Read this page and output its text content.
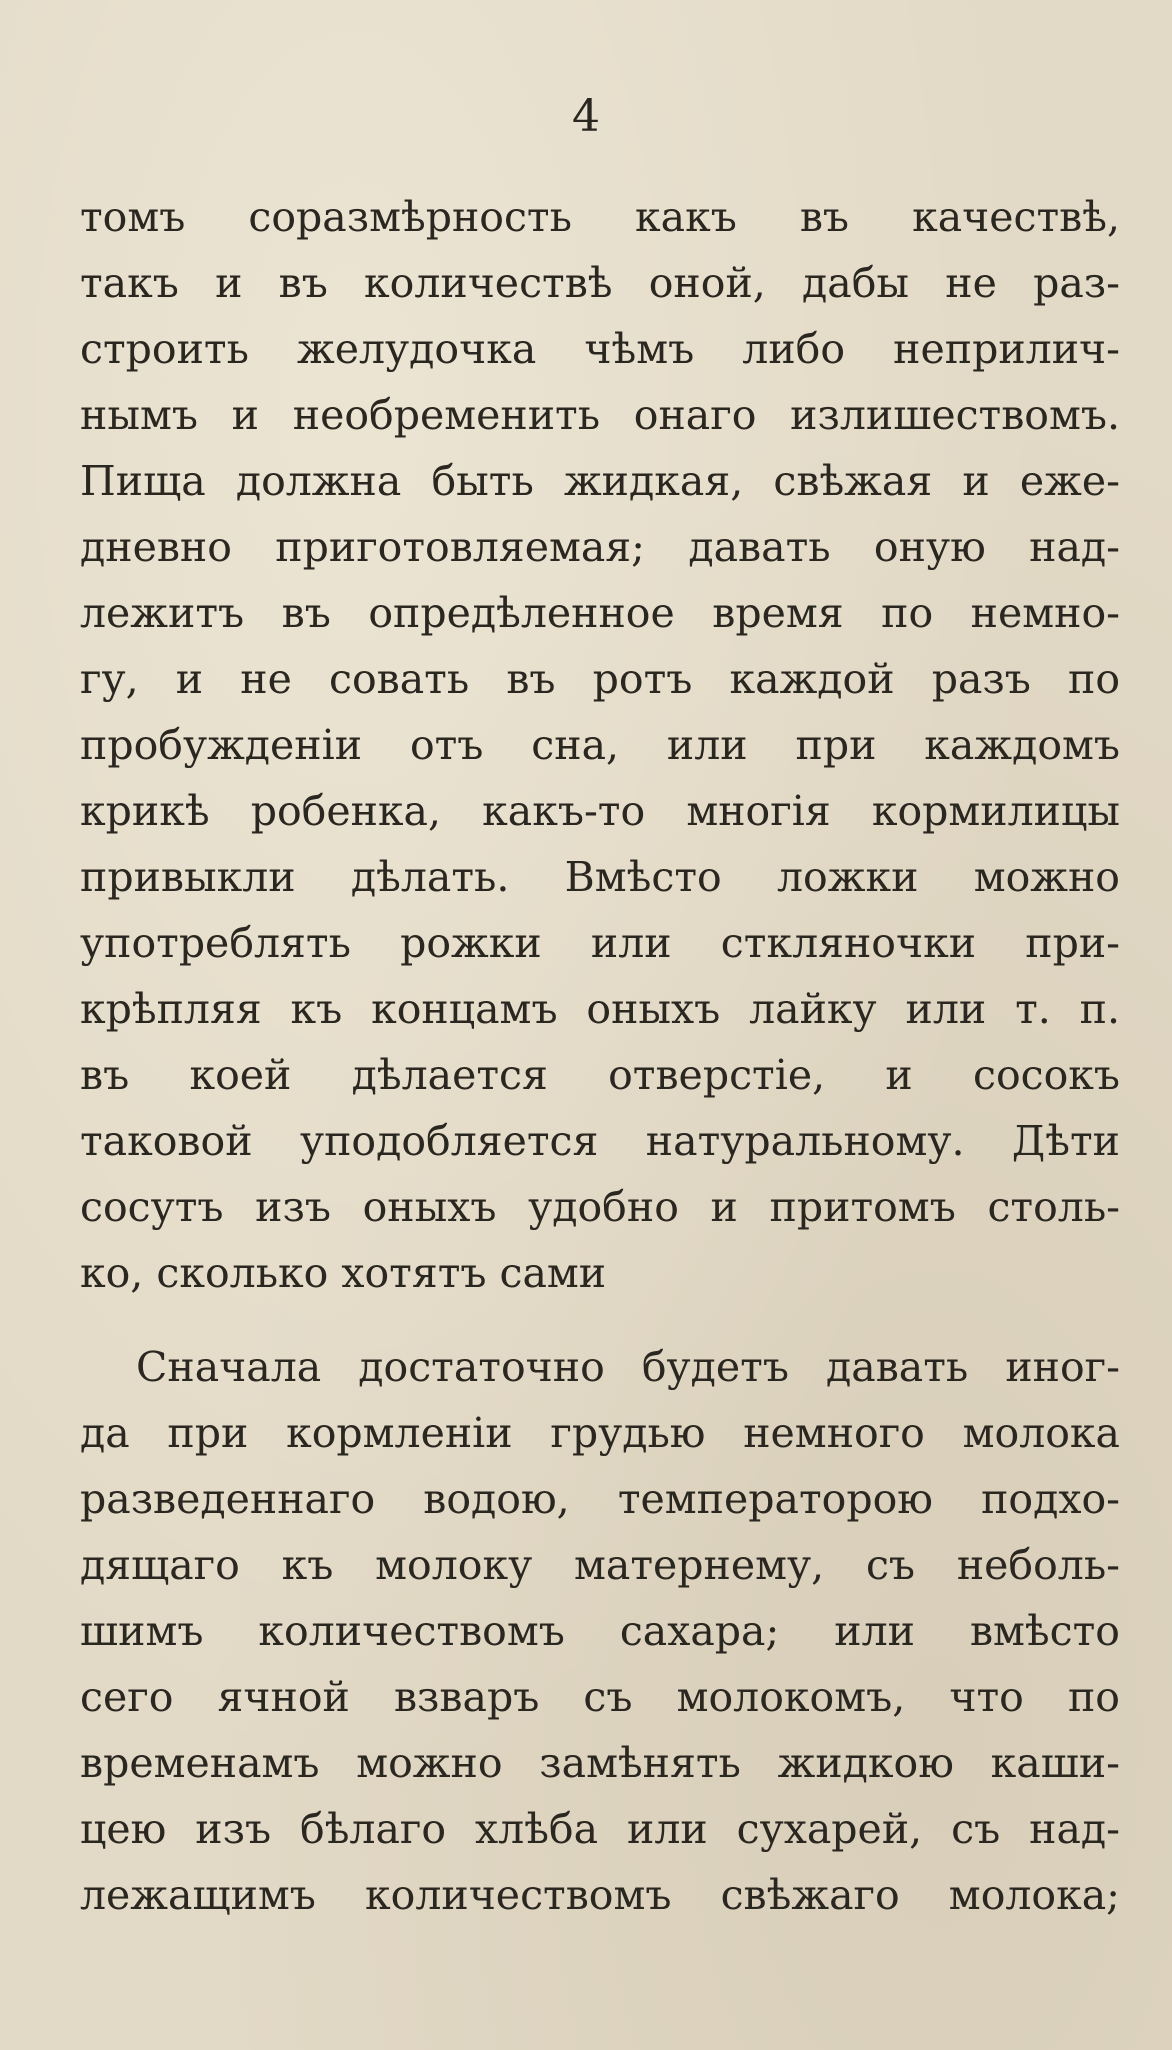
4
томъ соразмѣрность какъ въ качествѣ,
такъ и въ количествѣ оной, дабы не раз-
строить желудочка чѣмъ либо неприлич-
нымъ и необременить онаго излишествомъ.
Пища должна быть жидкая, свѣжая и еже-
дневно приготовляемая; давать оную над-
лежитъ въ опредѣленное время по немно-
гу, и не совать въ ротъ каждой разъ по
пробужденіи отъ сна, или при каждомъ
крикѣ робенка, какъ-то многія кормилицы
привыкли дѣлать. Вмѣсто ложки можно
употреблять рожки или стклянoчки при-
крѣпляя къ концамъ оныхъ лайку или т. п.
въ коей дѣлается отверстіе, и сосокъ
таковой уподобляется натуральному. Дѣти
сосутъ изъ оныхъ удобно и притомъ столь-
ко, сколько хотятъ сами
Сначала достаточно будетъ давать иног-
да при кормленіи грудью немного молока
разведеннаго водою, температорою подхо-
дящаго къ молоку матернему, съ неболь-
шимъ количествомъ сахара; или вмѣсто
сего ячной взваръ съ молокомъ, что по
временамъ можно замѣнять жидкою каши-
цею изъ бѣлаго хлѣба или сухарей, съ над-
лежащимъ количествомъ свѣжаго молока;
